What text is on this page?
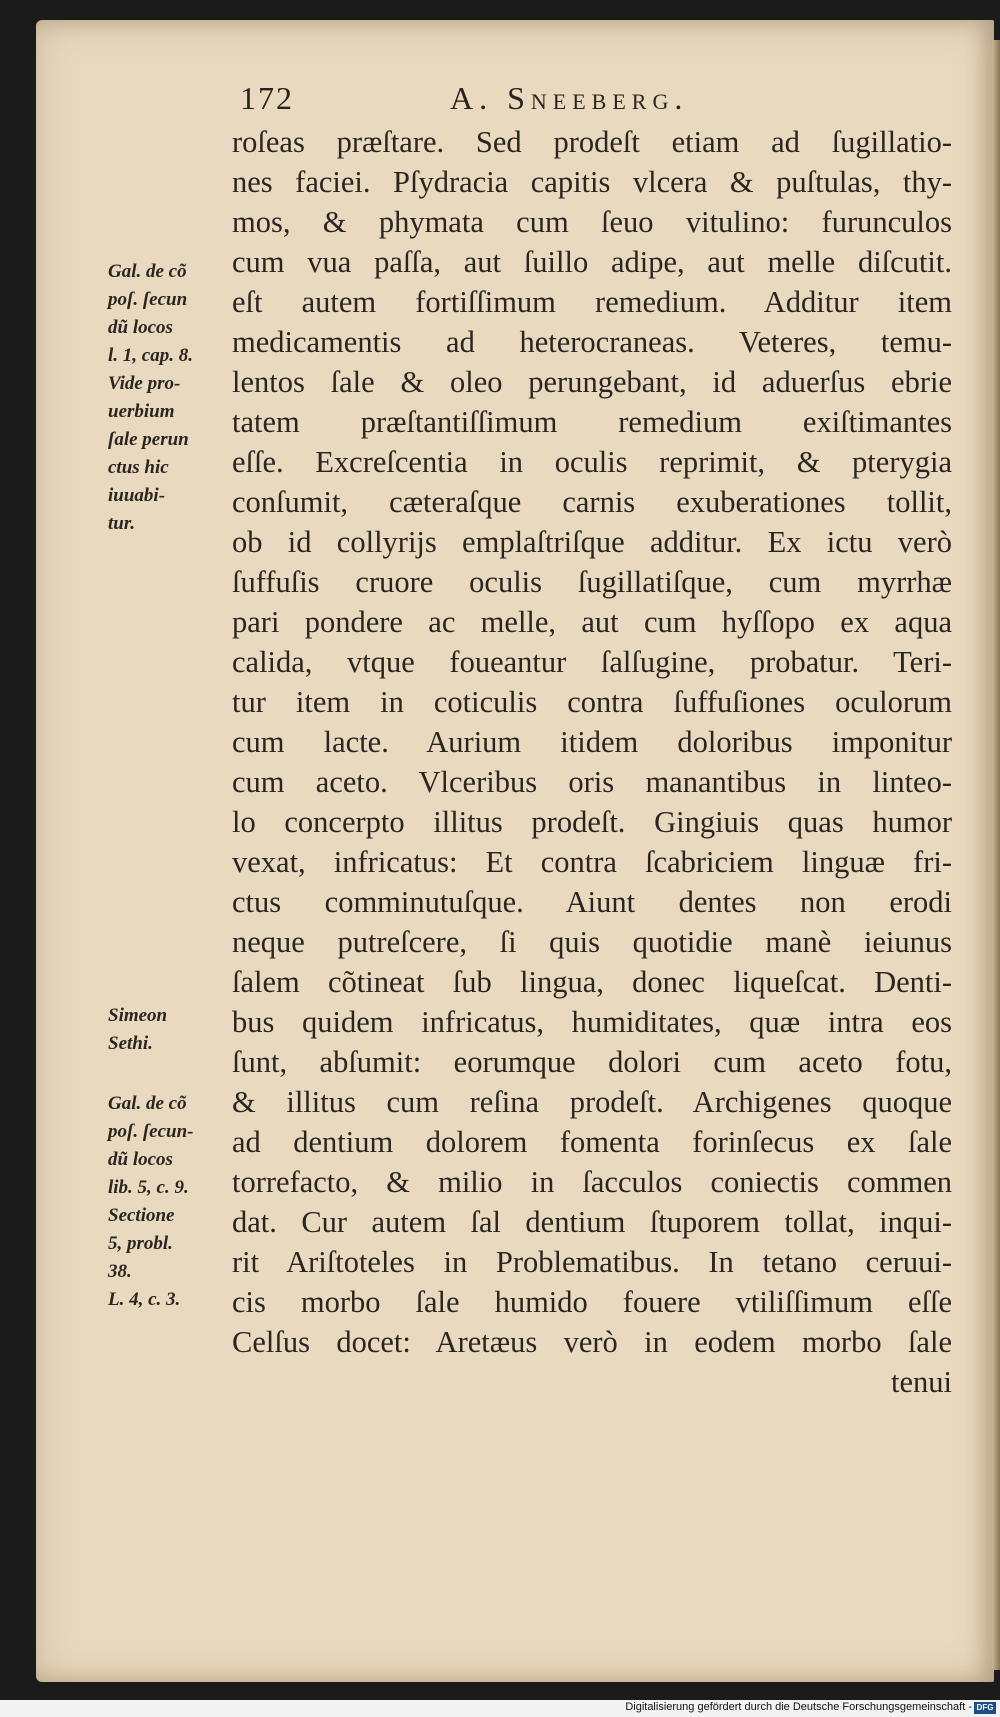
172	A. Sneeberg.
Gal. de cõ
poſ. ſecun
dũ locos
l. 1, cap. 8.
Vide pro-
uerbium
ſale perun
ctus hic
iuuabi-
tur.
Simeon
Sethi.
Gal. de cõ
poſ. ſecun-
dũ locos
lib. 5, c. 9.
Sectione
5, probl.
38.
L. 4, c. 3.
roſeas præſtare. Sed prodeſt etiam ad ſugillatio-
nes faciei. Pſydracia capitis vlcera & puſtulas, thy-
mos, & phymata cum ſeuo vitulino: furunculos
cum vua paſſa, aut ſuillo adipe, aut melle diſcutit.
eſt autem fortiſſimum remedium. Additur item
medicamentis ad heterocraneas. Veteres, temu-
lentos ſale & oleo perungebant, id aduerſus ebrie
tatem præſtantiſſimum remedium exiſtimantes
eſſe. Excreſcentia in oculis reprimit, & pterygia
conſumit, cæteraſque carnis exuberationes tollit,
ob id collyrijs emplaſtriſque additur. Ex ictu verò
ſuffuſis cruore oculis ſugillatiſque, cum myrrhæ
pari pondere ac melle, aut cum hyſſopo ex aqua
calida, vtque foueantur ſalſugine, probatur. Teri-
tur item in coticulis contra ſuffuſiones oculorum
cum lacte. Aurium itidem doloribus imponitur
cum aceto. Vlceribus oris manantibus in linteo-
lo concerpto illitus prodeſt. Gingiuis quas humor
vexat, infricatus: Et contra ſcabriciem linguæ fri-
ctus comminutuſque. Aiunt dentes non erodi
neque putreſcere, ſi quis quotidie manè ieiunus
ſalem cõtineat ſub lingua, donec liqueſcat. Denti-
bus quidem infricatus, humiditates, quæ intra eos
ſunt, abſumit: eorumque dolori cum aceto fotu,
& illitus cum reſina prodeſt. Archigenes quoque
ad dentium dolorem fomenta forinſecus ex ſale
torrefacto, & milio in ſacculos coniectis commen
dat. Cur autem ſal dentium ſtuporem tollat, inqui-
rit Ariſtoteles in Problematibus. In tetano ceruui-
cis morbo ſale humido fouere vtiliſſimum eſſe
Celſus docet: Aretæus verò in eodem morbo ſale
tenui
Digitalisierung gefördert durch die Deutsche Forschungsgemeinschaft - DFG
